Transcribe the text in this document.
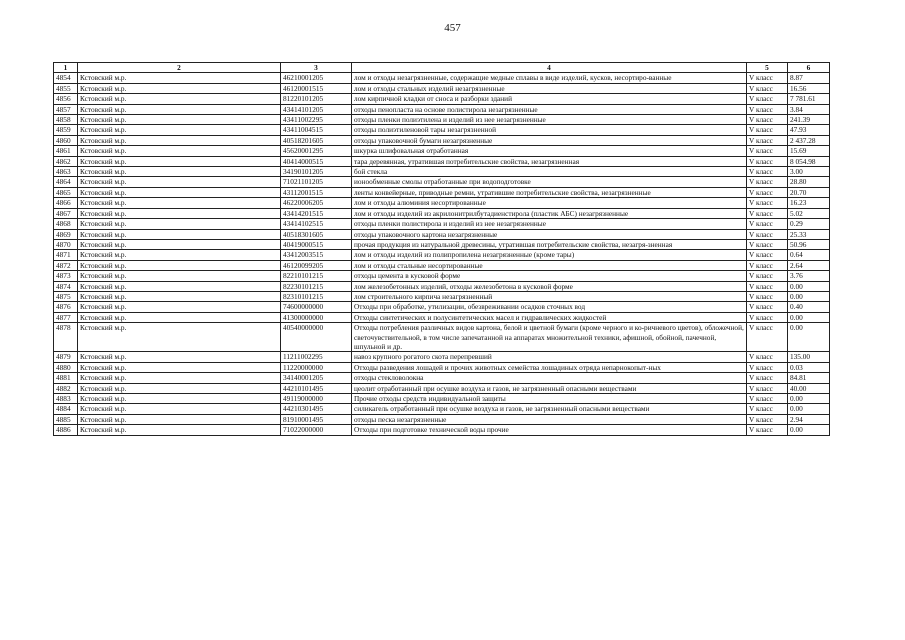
457
1	2	3	4	5	6
4854	Кстовский м.р.	46210001205	лом и отходы незагрязненные, содержащие медные сплавы в виде изделий, кусков, несортиро-ванные	V класс	8.87
4855	Кстовский м.р.	46120001515	лом и отходы стальных изделий незагрязненные	V класс	16.56
4856	Кстовский м.р.	81220101205	лом кирпичной кладки от сноса и разборки зданий	V класс	7 781.61
4857	Кстовский м.р.	43414101205	отходы пенопласта на основе полистирола незагрязненные	V класс	3.84
4858	Кстовский м.р.	43411002295	отходы пленки полиэтилена и изделий из нее незагрязненные	V класс	241.39
4859	Кстовский м.р.	43411004515	отходы полиэтиленовой тары незагрязненной	V класс	47.93
4860	Кстовский м.р.	40518201605	отходы упаковочной бумаги незагрязненные	V класс	2 437.28
4861	Кстовский м.р.	45620001295	шкурка шлифовальная отработанная	V класс	15.69
4862	Кстовский м.р.	40414000515	тара деревянная, утратившая потребительские свойства, незагрязненная	V класс	8 054.98
4863	Кстовский м.р.	34190101205	бой стекла	V класс	3.00
4864	Кстовский м.р.	71021101205	ионообменные смолы отработанные при водоподготовке	V класс	28.80
4865	Кстовский м.р.	43112001515	ленты конвейерные, приводные ремни, утратившие потребительские свойства, незагрязненные	V класс	20.70
4866	Кстовский м.р.	46220006205	лом и отходы алюминия несортированные	V класс	16.23
4867	Кстовский м.р.	43414201515	лом и отходы изделий из акрилонитрилбутадиенстирола (пластик АБС) незагрязненные	V класс	5.02
4868	Кстовский м.р.	43414102515	отходы пленки полистирола и изделий из нее незагрязненные	V класс	0.29
4869	Кстовский м.р.	40518301605	отходы упаковочного картона незагрязненные	V класс	25.33
4870	Кстовский м.р.	40419000515	прочая продукция из натуральной древесины, утратившая потребительские свойства, незагря-зненная	V класс	50.96
4871	Кстовский м.р.	43412003515	лом и отходы изделий из полипропилена незагрязненные (кроме тары)	V класс	0.64
4872	Кстовский м.р.	46120099205	лом и отходы стальные несортированные	V класс	2.64
4873	Кстовский м.р.	82210101215	отходы цемента в кусковой форме	V класс	3.76
4874	Кстовский м.р.	82230101215	лом железобетонных изделий, отходы железобетона в кусковой форме	V класс	0.00
4875	Кстовский м.р.	82310101215	лом строительного кирпича незагрязненный	V класс	0.00
4876	Кстовский м.р.	74600000000	Отходы при обработке, утилизации, обезвреживании осадков сточных вод	V класс	0.40
4877	Кстовский м.р.	41300000000	Отходы синтетических и полусинтетических масел и гидравлических жидкостей	V класс	0.00
4878	Кстовский м.р.	40540000000	Отходы потребления различных видов картона, белой и цветной бумаги (кроме черного и ко-ричневого цветов), обложечной, светочувствительной, в том числе запечатанной на аппаратах множительной техники, афишной, обойной, пачечной, шпульной и др.	V класс	0.00
4879	Кстовский м.р.	11211002295	навоз крупного рогатого скота перепревший	V класс	135.00
4880	Кстовский м.р.	11220000000	Отходы разведения лошадей и прочих животных семейства лошадиных отряда непарнокопыт-ных	V класс	0.03
4881	Кстовский м.р.	34140001205	отходы стекловолокна	V класс	84.81
4882	Кстовский м.р.	44210101495	цеолит отработанный при осушке воздуха и газов, не загрязненный опасными веществами	V класс	40.00
4883	Кстовский м.р.	49119000000	Прочие отходы средств индивидуальной защиты	V класс	0.00
4884	Кстовский м.р.	44210301495	силикагель отработанный при осушке воздуха и газов, не загрязненный опасными веществами	V класс	0.00
4885	Кстовский м.р.	81910001495	отходы песка незагрязненные	V класс	2.94
4886	Кстовский м.р.	71022000000	Отходы при подготовке технической воды прочие	V класс	0.00
